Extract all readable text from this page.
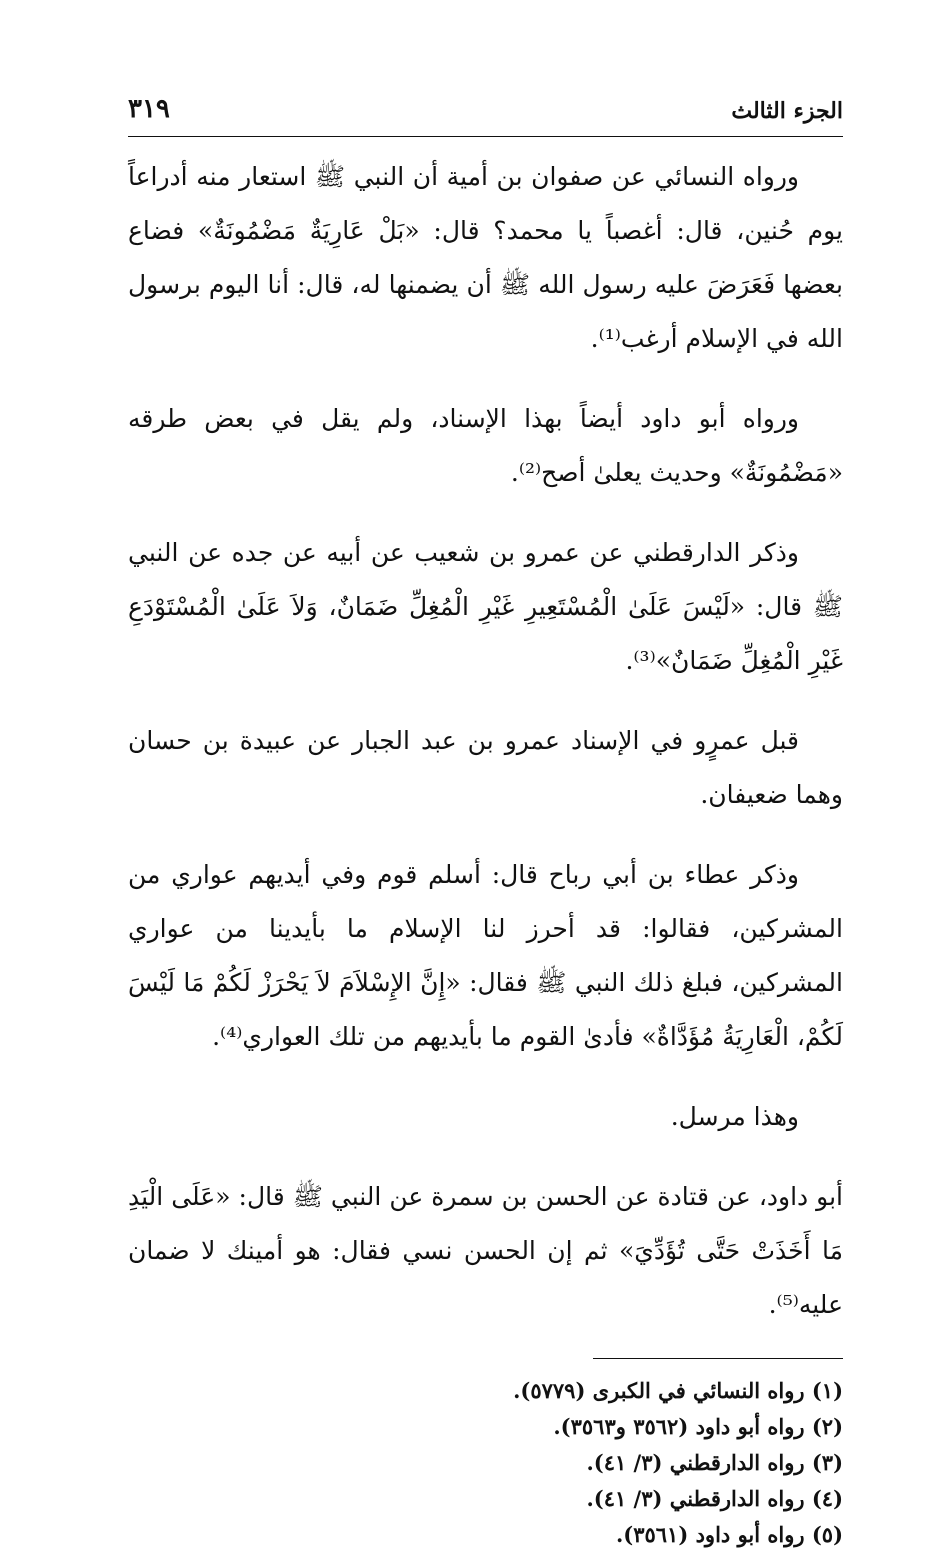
الجزء الثالث
٣١٩

ورواه النسائي عن صفوان بن أمية أن النبي ﷺ استعار منه أدراعاً يوم حُنين، قال: أغصباً يا محمد؟ قال: «بَلْ عَارِيَةٌ مَضْمُونَةٌ» فضاع بعضها فَعَرَضَ عليه رسول الله ﷺ أن يضمنها له، قال: أنا اليوم برسول الله في الإسلام أرغب⁽¹⁾.

ورواه أبو داود أيضاً بهذا الإسناد، ولم يقل في بعض طرقه «مَضْمُونَةٌ» وحديث يعلىٰ أصح⁽²⁾.

وذكر الدارقطني عن عمرو بن شعيب عن أبيه عن جده عن النبي ﷺ قال: «لَيْسَ عَلَىٰ الْمُسْتَعِيرِ غَيْرِ الْمُغِلِّ ضَمَانٌ، وَلاَ عَلَىٰ الْمُسْتَوْدَعِ غَيْرِ الْمُغِلِّ ضَمَانٌ»⁽³⁾.

قبل عمرٍو في الإسناد عمرو بن عبد الجبار عن عبيدة بن حسان وهما ضعيفان.

وذكر عطاء بن أبي رباح قال: أسلم قوم وفي أيديهم عواري من المشركين، فقالوا: قد أحرز لنا الإسلام ما بأيدينا من عواري المشركين، فبلغ ذلك النبي ﷺ فقال: «إِنَّ الإِسْلاَمَ لاَ يَحْرَزْ لَكُمْ مَا لَيْسَ لَكُمْ، الْعَارِيَةُ مُؤَدَّاةٌ» فأدىٰ القوم ما بأيديهم من تلك العواري⁽⁴⁾.

وهذا مرسل.

أبو داود، عن قتادة عن الحسن بن سمرة عن النبي ﷺ قال: «عَلَى الْيَدِ مَا أَخَذَتْ حَتَّى تُؤَدِّيَ» ثم إن الحسن نسي فقال: هو أمينك لا ضمان عليه⁽⁵⁾.

(١) رواه النسائي في الكبرى (٥٧٧٩).
(٢) رواه أبو داود (٣٥٦٢ و٣٥٦٣).
(٣) رواه الدارقطني (٣/ ٤١).
(٤) رواه الدارقطني (٣/ ٤١).
(٥) رواه أبو داود (٣٥٦١).
